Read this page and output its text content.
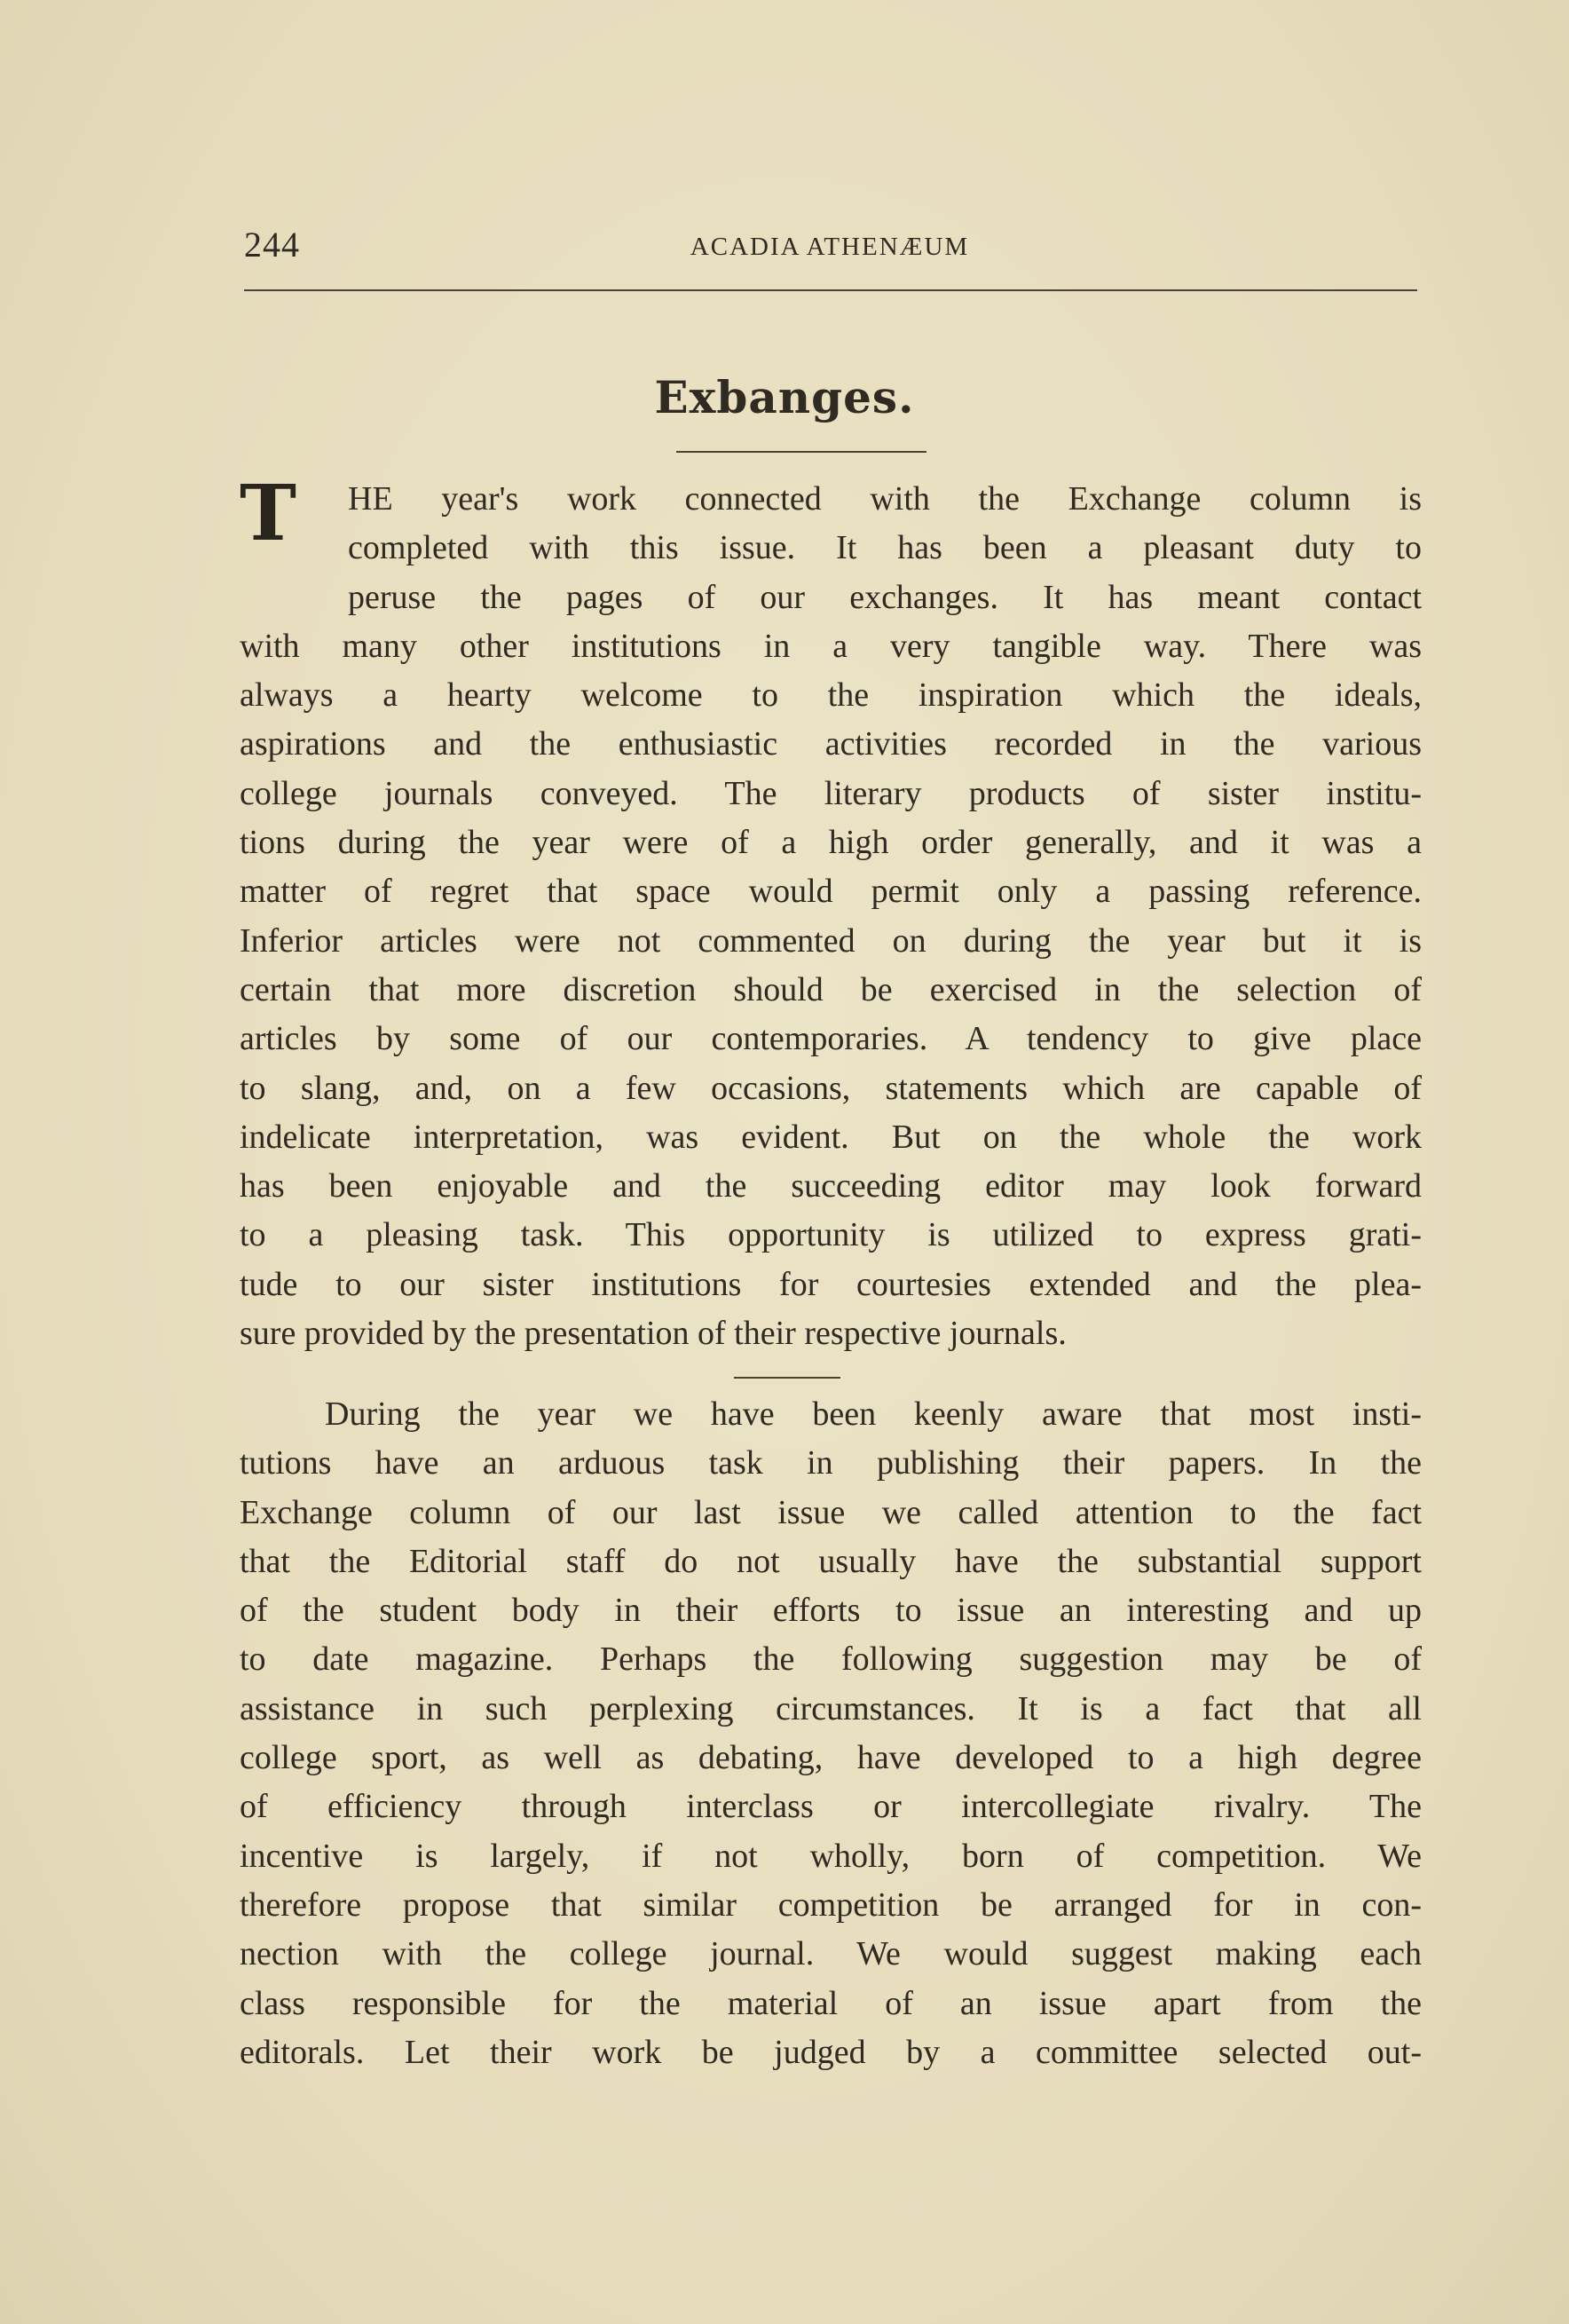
244	ACADIA ATHENÆUM
Exbanges.
T	HE year's work connected with the Exchange column is
completed with this issue. It has been a pleasant duty to
peruse the pages of our exchanges. It has meant contact
with many other institutions in a very tangible way. There was
always a hearty welcome to the inspiration which the ideals,
aspirations and the enthusiastic activities recorded in the various
college journals conveyed. The literary products of sister institu-
tions during the year were of a high order generally, and it was a
matter of regret that space would permit only a passing reference.
Inferior articles were not commented on during the year but it is
certain that more discretion should be exercised in the selection of
articles by some of our contemporaries. A tendency to give place
to slang, and, on a few occasions, statements which are capable of
indelicate interpretation, was evident. But on the whole the work
has been enjoyable and the succeeding editor may look forward
to a pleasing task. This opportunity is utilized to express grati-
tude to our sister institutions for courtesies extended and the plea-
sure provided by the presentation of their respective journals.
During the year we have been keenly aware that most insti-
tutions have an arduous task in publishing their papers. In the
Exchange column of our last issue we called attention to the fact
that the Editorial staff do not usually have the substantial support
of the student body in their efforts to issue an interesting and up
to date magazine. Perhaps the following suggestion may be of
assistance in such perplexing circumstances. It is a fact that all
college sport, as well as debating, have developed to a high degree
of efficiency through interclass or intercollegiate rivalry. The
incentive is largely, if not wholly, born of competition. We
therefore propose that similar competition be arranged for in con-
nection with the college journal. We would suggest making each
class responsible for the material of an issue apart from the
editorals. Let their work be judged by a committee selected out-
